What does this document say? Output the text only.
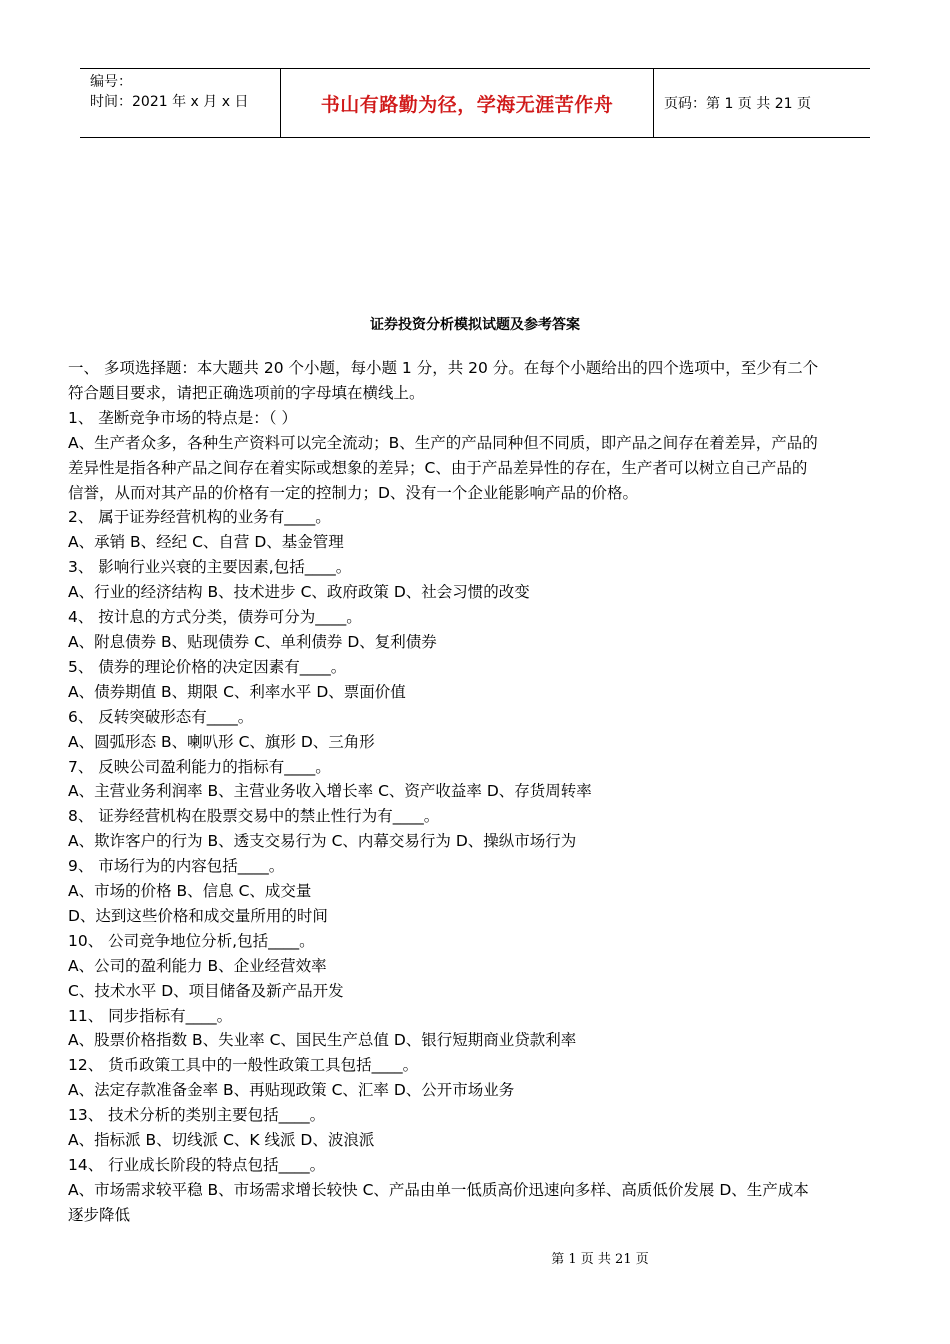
编号：
时间：2021 年 x 月 x 日	书山有路勤为径，学海无涯苦作舟	页码：第 1 页 共 21 页
证券投资分析模拟试题及参考答案
一、 多项选择题：本大题共 20 个小题，每小题 1 分，共 20 分。在每个小题给出的四个选项中，至少有二个
符合题目要求，请把正确选项前的字母填在横线上。
1、 垄断竞争市场的特点是：（ ）
A、生产者众多，各种生产资料可以完全流动；B、生产的产品同种但不同质，即产品之间存在着差异，产品的
差异性是指各种产品之间存在着实际或想象的差异；C、由于产品差异性的存在，生产者可以树立自己产品的
信誉，从而对其产品的价格有一定的控制力；D、没有一个企业能影响产品的价格。
2、 属于证券经营机构的业务有____。
A、承销 B、经纪 C、自营 D、基金管理
3、 影响行业兴衰的主要因素,包括____。
A、行业的经济结构 B、技术进步 C、政府政策 D、社会习惯的改变
4、 按计息的方式分类，债券可分为____。
A、附息债券 B、贴现债券 C、单利债券 D、复利债券
5、 债券的理论价格的决定因素有____。
A、债券期值 B、期限 C、利率水平 D、票面价值
6、 反转突破形态有____。
A、圆弧形态 B、喇叭形 C、旗形 D、三角形
7、 反映公司盈利能力的指标有____。
A、主营业务利润率 B、主营业务收入增长率 C、资产收益率 D、存货周转率
8、 证券经营机构在股票交易中的禁止性行为有____。
A、欺诈客户的行为 B、透支交易行为 C、内幕交易行为 D、操纵市场行为
9、 市场行为的内容包括____。
A、市场的价格 B、信息 C、成交量
D、达到这些价格和成交量所用的时间
10、 公司竞争地位分析,包括____。
A、公司的盈利能力 B、企业经营效率
C、技术水平 D、项目储备及新产品开发
11、 同步指标有____。
A、股票价格指数 B、失业率 C、国民生产总值 D、银行短期商业贷款利率
12、 货币政策工具中的一般性政策工具包括____。
A、法定存款准备金率 B、再贴现政策 C、汇率 D、公开市场业务
13、 技术分析的类别主要包括____。
A、指标派 B、切线派 C、K 线派 D、波浪派
14、 行业成长阶段的特点包括____。
A、市场需求较平稳 B、市场需求增长较快 C、产品由单一低质高价迅速向多样、高质低价发展 D、生产成本
逐步降低
第 1 页 共 21 页
